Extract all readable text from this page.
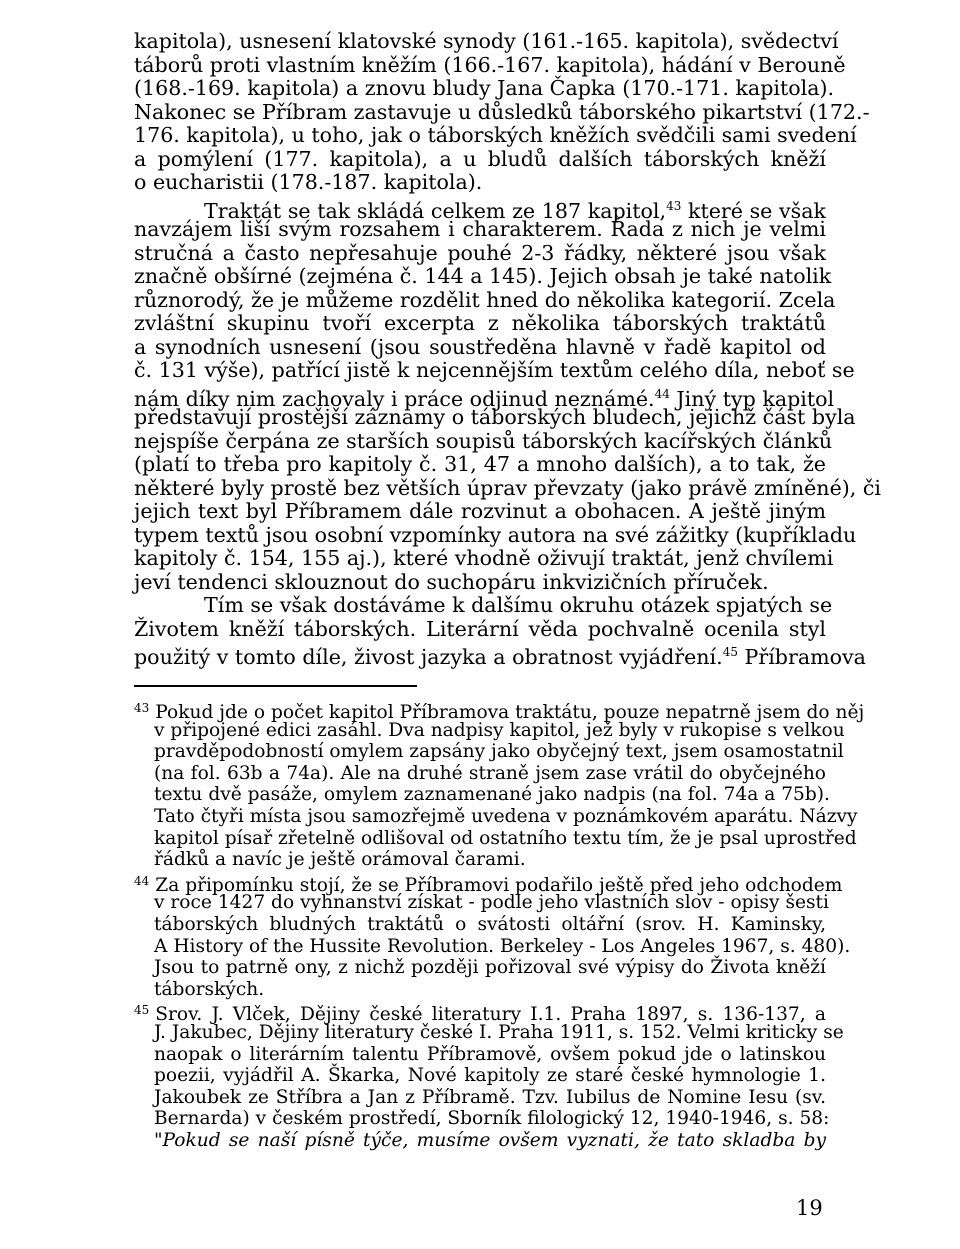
kapitola), usnesení klatovské synody (161.-165. kapitola), svědectví
táborů proti vlastním kněžím (166.-167. kapitola), hádání v Berouně
(168.-169. kapitola) a znovu bludy Jana Čapka (170.-171. kapitola).
Nakonec se Příbram zastavuje u důsledků táborského pikartství (172.-
176. kapitola), u toho, jak o táborských kněžích svědčili sami svedení
a pomýlení (177. kapitola), a u bludů dalších táborských kněží
o eucharistii (178.-187. kapitola).
Traktát se tak skládá celkem ze 187 kapitol,$^{43}$ které se však
navzájem liší svým rozsahem i charakterem. Řada z nich je velmi
stručná a často nepřesahuje pouhé 2-3 řádky, některé jsou však
značně obšírné (zejména č. 144 a 145). Jejich obsah je také natolik
různorodý, že je můžeme rozdělit hned do několika kategorií. Zcela
zvláštní skupinu tvoří excerpta z několika táborských traktátů
a synodních usnesení (jsou soustředěna hlavně v řadě kapitol od
č. 131 výše), patřící jistě k nejcennějším textům celého díla, neboť se
nám díky nim zachovaly i práce odjinud neznámé.$^{44}$ Jiný typ kapitol
představují prostější záznamy o táborských bludech, jejichž část byla
nejspíše čerpána ze starších soupisů táborských kacířských článků
(platí to třeba pro kapitoly č. 31, 47 a mnoho dalších), a to tak, že
některé byly prostě bez větších úprav převzaty (jako právě zmíněné), či
jejich text byl Příbramem dále rozvinut a obohacen. A ještě jiným
typem textů jsou osobní vzpomínky autora na své zážitky (kupříkladu
kapitoly č. 154, 155 aj.), které vhodně oživují traktát, jenž chvílemi
jeví tendenci sklouznout do suchopáru inkvizičních příruček.
Tím se však dostáváme k dalšímu okruhu otázek spjatých se
Životem kněží táborských. Literární věda pochvalně ocenila styl
použitý v tomto díle, živost jazyka a obratnost vyjádření.$^{45}$ Příbramova
$^{43}$ Pokud jde o počet kapitol Příbramova traktátu, pouze nepatrně jsem do něj
v připojené edici zasáhl. Dva nadpisy kapitol, jež byly v rukopise s velkou
pravděpodobností omylem zapsány jako obyčejný text, jsem osamostatnil
(na fol. 63b a 74a). Ale na druhé straně jsem zase vrátil do obyčejného
textu dvě pasáže, omylem zaznamenané jako nadpis (na fol. 74a a 75b).
Tato čtyři místa jsou samozřejmě uvedena v poznámkovém aparátu. Názvy
kapitol písař zřetelně odlišoval od ostatního textu tím, že je psal uprostřed
řádků a navíc je ještě orámoval čarami.
$^{44}$ Za připomínku stojí, že se Příbramovi podařilo ještě před jeho odchodem
v roce 1427 do vyhnanství získat - podle jeho vlastních slov - opisy šesti
táborských bludných traktátů o svátosti oltářní (srov. H. Kaminsky,
A History of the Hussite Revolution. Berkeley - Los Angeles 1967, s. 480).
Jsou to patrně ony, z nichž později pořizoval své výpisy do Života kněží
táborských.
$^{45}$ Srov. J. Vlček, Dějiny české literatury I.1. Praha 1897, s. 136-137, a
J. Jakubec, Dějiny literatury české I. Praha 1911, s. 152. Velmi kriticky se
naopak o literárním talentu Příbramově, ovšem pokud jde o latinskou
poezii, vyjádřil A. Škarka, Nové kapitoly ze staré české hymnologie 1.
Jakoubek ze Stříbra a Jan z Příbramě. Tzv. Iubilus de Nomine Iesu (sv.
Bernarda) v českém prostředí, Sborník filologický 12, 1940-1946, s. 58:
"Pokud se naší písně týče, musíme ovšem vyznati, že tato skladba by
19
